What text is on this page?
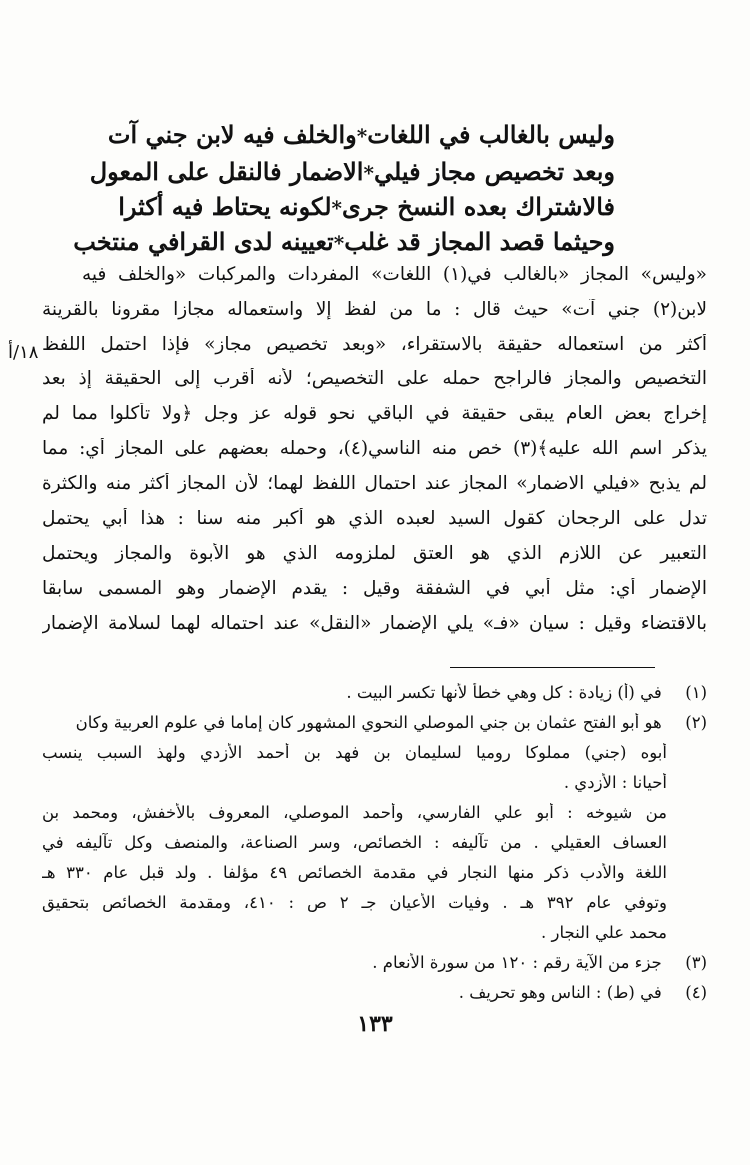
وليس بالغالب في اللغات
*
والخلف فيه لابن جني آت
وبعد تخصيص مجاز فيلي
*
الاضمار فالنقل على المعول
فالاشتراك بعده النسخ جرى
*
لكونه يحتاط فيه أكثرا
وحيثما قصد المجاز قد غلب
*
تعيينه لدى القرافي منتخب
«وليس» المجاز «بالغالب في(١) اللغات» المفردات والمركبات «والخلف فيه
لابن(٢) جني آت» حيث قال : ما من لفظ إلا واستعماله مجازا مقرونا بالقرينة
أكثر من استعماله حقيقة بالاستقراء، «وبعد تخصيص مجاز» فإذا احتمل اللفظ
التخصيص والمجاز فالراجح حمله على التخصيص؛ لأنه أقرب إلى الحقيقة إذ بعد
إخراج بعض العام يبقى حقيقة في الباقي نحو قوله عز وجل ﴿ولا تأكلوا مما لم
يذكر اسم الله عليه﴾(٣) خص منه الناسي(٤)، وحمله بعضهم على المجاز أي: مما
لم يذبح «فيلي الاضمار» المجاز عند احتمال اللفظ لهما؛ لأن المجاز أكثر منه والكثرة
تدل على الرجحان كقول السيد لعبده الذي هو أكبر منه سنا : هذا أبي يحتمل
التعبير عن اللازم الذي هو العتق لملزومه الذي هو الأبوة والمجاز ويحتمل
الإضمار أي: مثل أبي في الشفقة وقيل : يقدم الإضمار وهو المسمى سابقا
بالاقتضاء وقيل : سيان «فـ» يلي الإضمار «النقل» عند احتماله لهما لسلامة الإضمار
١٨/أ
(١) في (أ) زيادة : كل وهي خطأ لأنها تكسر البيت .
(٢) هو أبو الفتح عثمان بن جني الموصلي النحوي المشهور كان إماما في علوم العربية وكان
أبوه (جني) مملوكا روميا لسليمان بن فهد بن أحمد الأزدي ولهذ السبب ينسب
أحيانا : الأزدي .
من شيوخه : أبو علي الفارسي، وأحمد الموصلي، المعروف بالأخفش، ومحمد بن
العساف العقيلي . من تآليفه : الخصائص، وسر الصناعة، والمنصف وكل تآليفه في
اللغة والأدب ذكر منها النجار في مقدمة الخصائص ٤٩ مؤلفا . ولد قبل عام ٣٣٠ هـ
وتوفي عام ٣٩٢ هـ . وفيات الأعيان جـ ٢ ص : ٤١٠، ومقدمة الخصائص بتحقيق
محمد علي النجار .
(٣) جزء من الآية رقم : ١٢٠ من سورة الأنعام .
(٤) في (ط) : الناس وهو تحريف .
١٣٣
